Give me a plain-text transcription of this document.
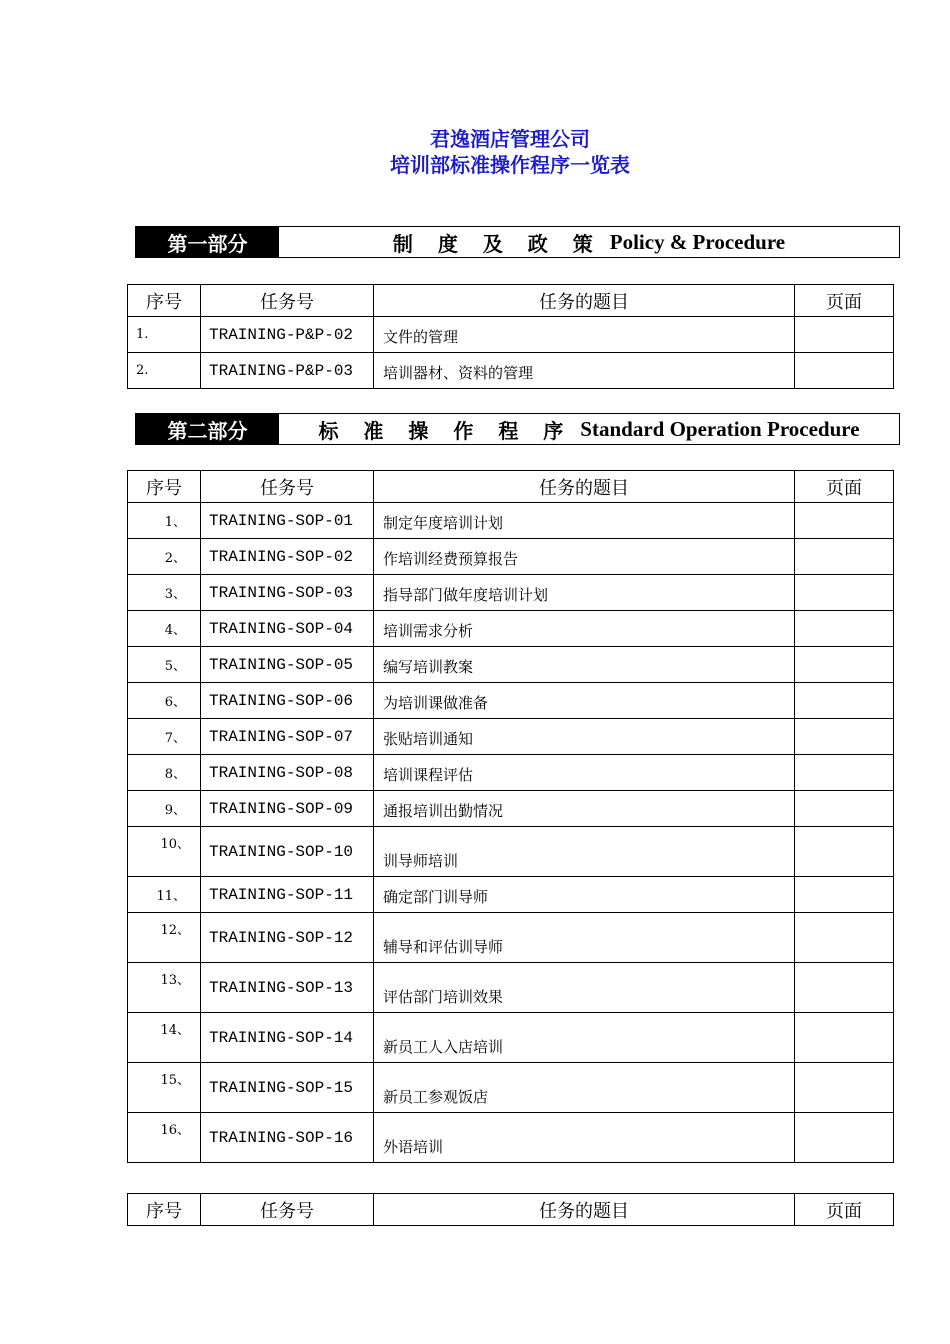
君逸酒店管理公司
培训部标准操作程序一览表
第一部分	制 度 及 政 策 Policy & Procedure
序号	任务号	任务的题目	页面
1.	TRAINING-P&P-02	文件的管理	
2.	TRAINING-P&P-03	培训器材、资料的管理	
第二部分	标 准 操 作 程 序 Standard Operation Procedure
序号	任务号	任务的题目	页面
1、	TRAINING-SOP-01	制定年度培训计划	
2、	TRAINING-SOP-02	作培训经费预算报告	
3、	TRAINING-SOP-03	指导部门做年度培训计划	
4、	TRAINING-SOP-04	培训需求分析	
5、	TRAINING-SOP-05	编写培训教案	
6、	TRAINING-SOP-06	为培训课做准备	
7、	TRAINING-SOP-07	张贴培训通知	
8、	TRAINING-SOP-08	培训课程评估	
9、	TRAINING-SOP-09	通报培训出勤情况	
10、	TRAINING-SOP-10	训导师培训	
11、	TRAINING-SOP-11	确定部门训导师	
12、	TRAINING-SOP-12	辅导和评估训导师	
13、	TRAINING-SOP-13	评估部门培训效果	
14、	TRAINING-SOP-14	新员工人入店培训	
15、	TRAINING-SOP-15	新员工参观饭店	
16、	TRAINING-SOP-16	外语培训	
序号	任务号	任务的题目	页面
